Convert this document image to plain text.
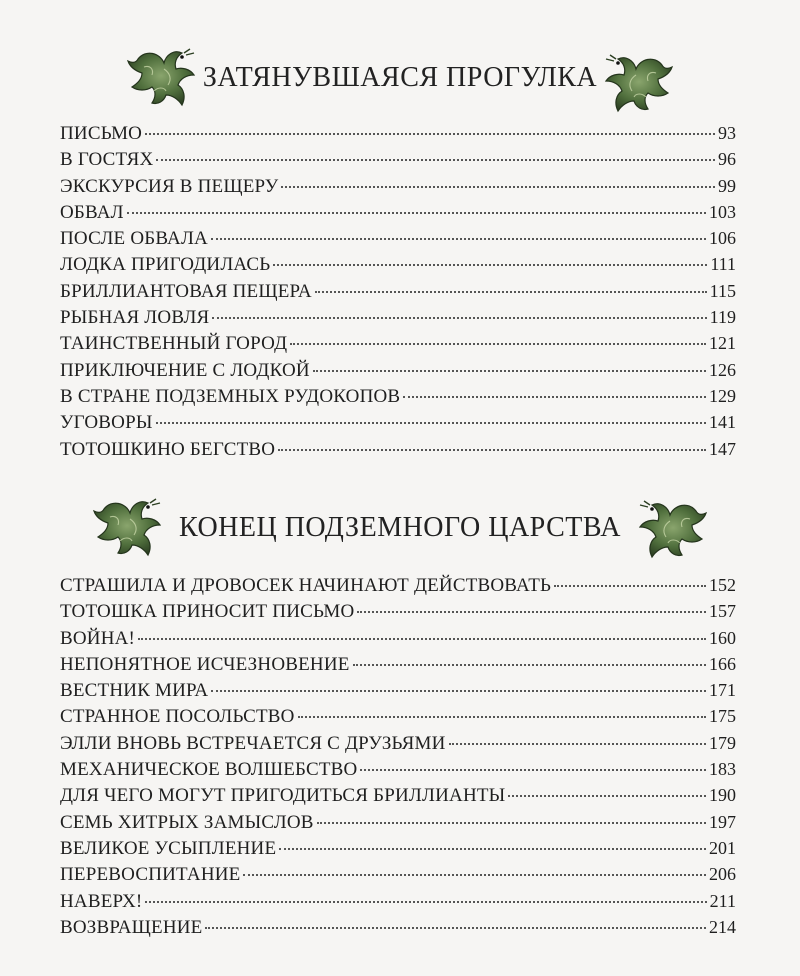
ЗАТЯНУВШАЯСЯ ПРОГУЛКА
ПИСЬМО	93
В ГОСТЯХ	96
ЭКСКУРСИЯ В ПЕЩЕРУ	99
ОБВАЛ	103
ПОСЛЕ ОБВАЛА	106
ЛОДКА ПРИГОДИЛАСЬ	111
БРИЛЛИАНТОВАЯ ПЕЩЕРА	115
РЫБНАЯ ЛОВЛЯ	119
ТАИНСТВЕННЫЙ ГОРОД	121
ПРИКЛЮЧЕНИЕ С ЛОДКОЙ	126
В СТРАНЕ ПОДЗЕМНЫХ РУДОКОПОВ	129
УГОВОРЫ	141
ТОТОШКИНО БЕГСТВО	147
КОНЕЦ ПОДЗЕМНОГО ЦАРСТВА
СТРАШИЛА И ДРОВОСЕК НАЧИНАЮТ ДЕЙСТВОВАТЬ	152
ТОТОШКА ПРИНОСИТ ПИСЬМО	157
ВОЙНА!	160
НЕПОНЯТНОЕ ИСЧЕЗНОВЕНИЕ	166
ВЕСТНИК МИРА	171
СТРАННОЕ ПОСОЛЬСТВО	175
ЭЛЛИ ВНОВЬ ВСТРЕЧАЕТСЯ С ДРУЗЬЯМИ	179
МЕХАНИЧЕСКОЕ ВОЛШЕБСТВО	183
ДЛЯ ЧЕГО МОГУТ ПРИГОДИТЬСЯ БРИЛЛИАНТЫ	190
СЕМЬ ХИТРЫХ ЗАМЫСЛОВ	197
ВЕЛИКОЕ УСЫПЛЕНИЕ	201
ПЕРЕВОСПИТАНИЕ	206
НАВЕРХ!	211
ВОЗВРАЩЕНИЕ	214
